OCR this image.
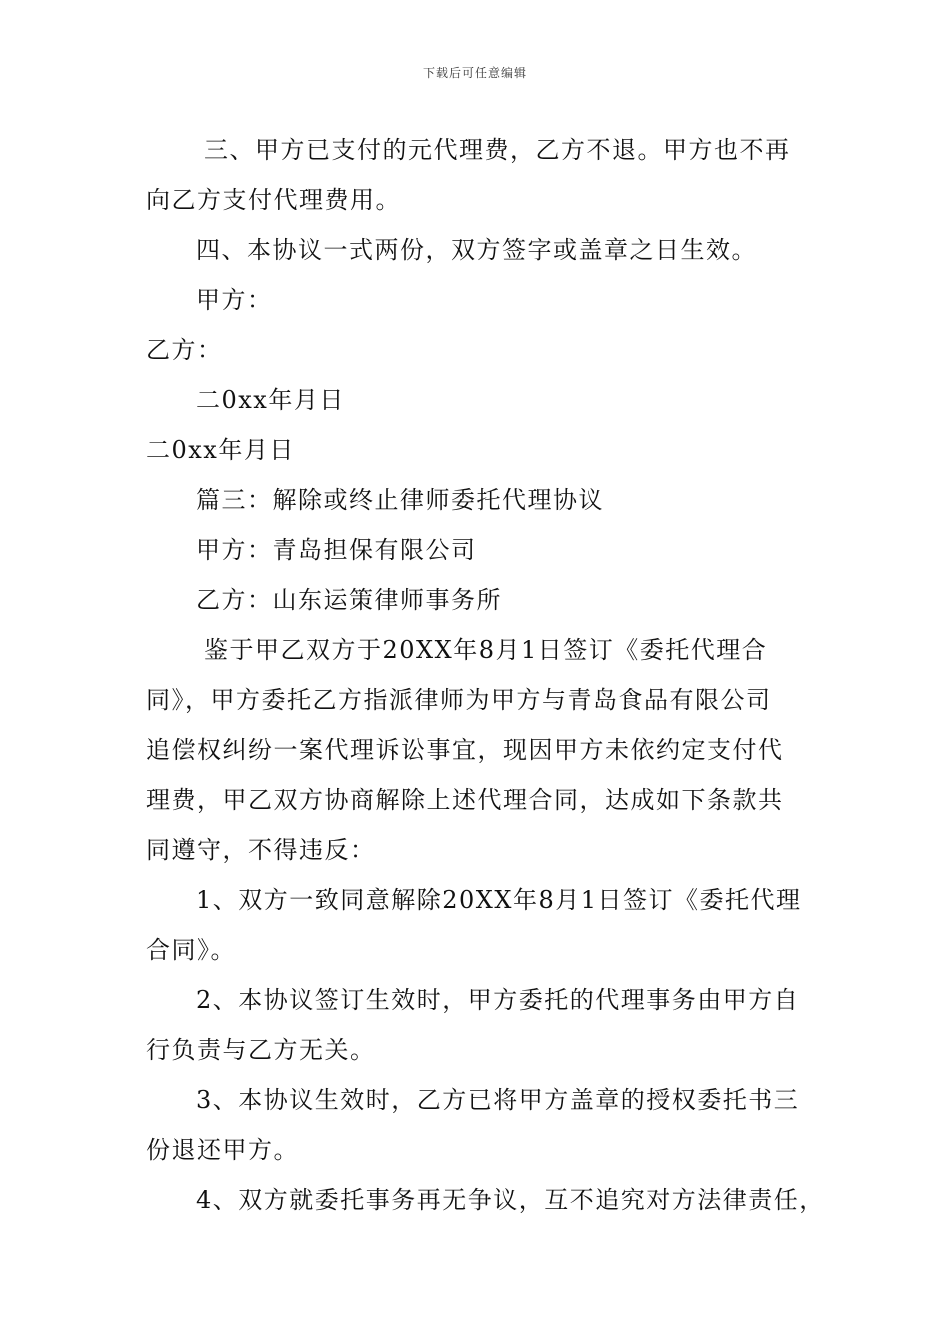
下载后可任意编辑
三、甲方已支付的元代理费，乙方不退。甲方也不再
向乙方支付代理费用。
四、本协议一式两份，双方签字或盖章之日生效。
甲方：
乙方：
二0xx年月日
二0xx年月日
篇三：解除或终止律师委托代理协议
甲方：青岛担保有限公司
乙方：山东运策律师事务所
鉴于甲乙双方于20XX年8月1日签订《委托代理合
同》，甲方委托乙方指派律师为甲方与青岛食品有限公司
追偿权纠纷一案代理诉讼事宜，现因甲方未依约定支付代
理费，甲乙双方协商解除上述代理合同，达成如下条款共
同遵守，不得违反：
1、双方一致同意解除20XX年8月1日签订《委托代理
合同》。
2、本协议签订生效时，甲方委托的代理事务由甲方自
行负责与乙方无关。
3、本协议生效时，乙方已将甲方盖章的授权委托书三
份退还甲方。
4、双方就委托事务再无争议，互不追究对方法律责任，
